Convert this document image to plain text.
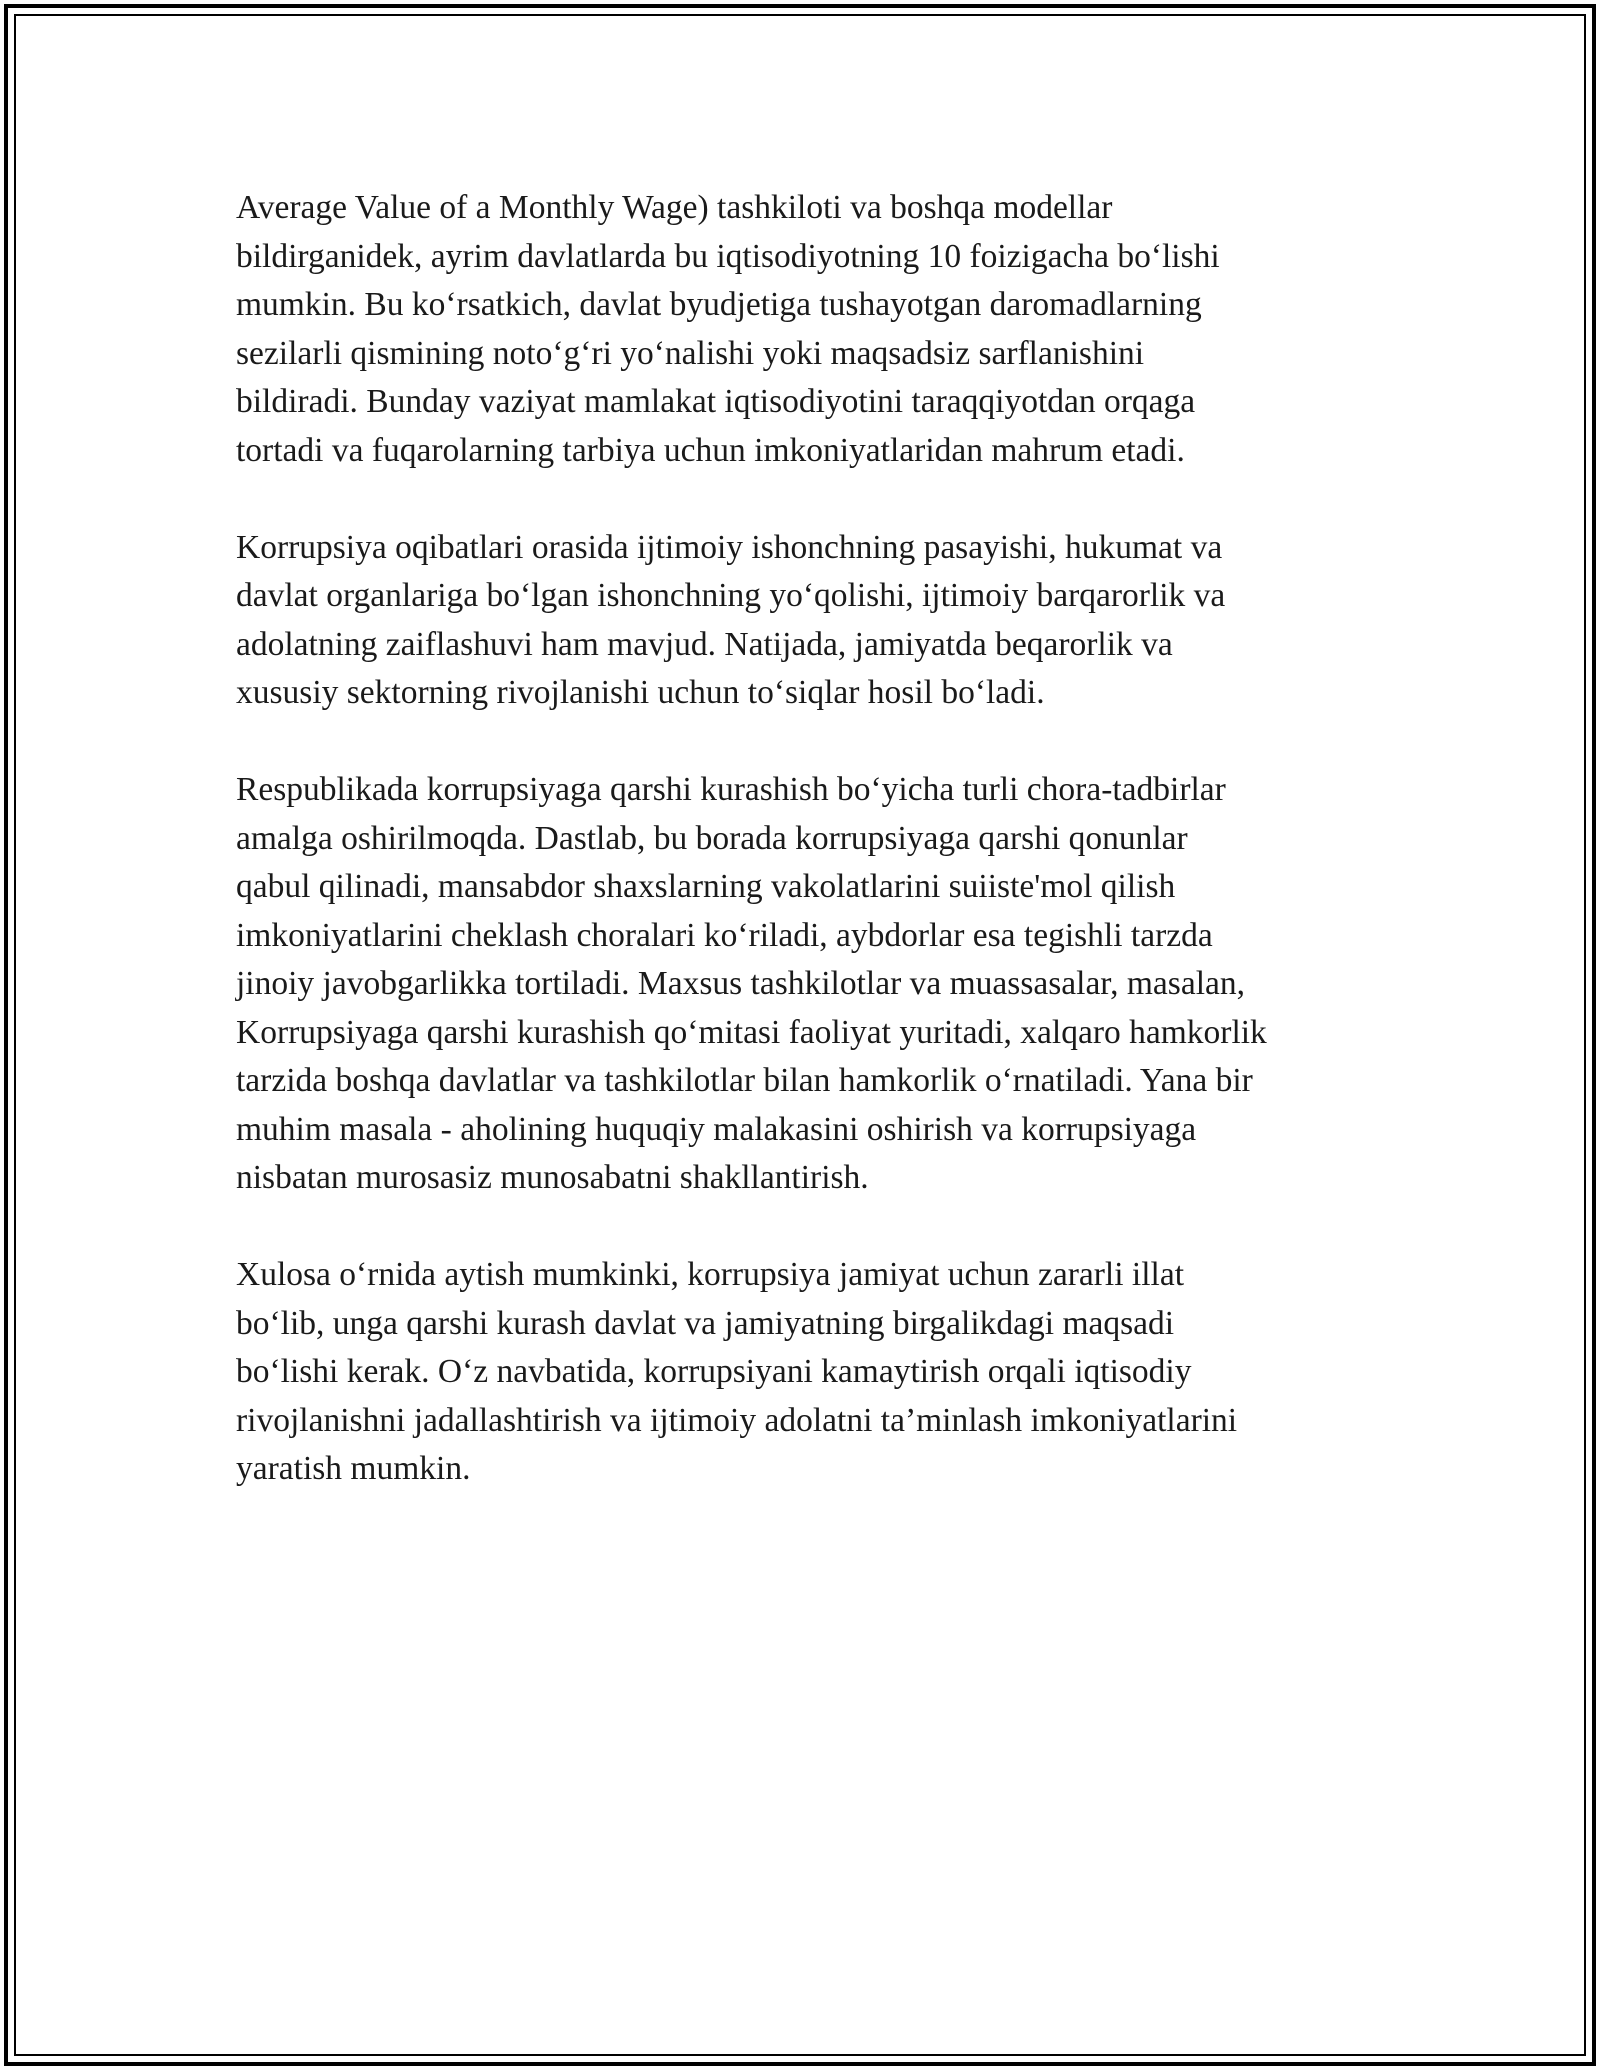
Average Value of a Monthly Wage) tashkiloti va boshqa modellar
bildirganidek, ayrim davlatlarda bu iqtisodiyotning 10 foizigacha boʻlishi
mumkin. Bu koʻrsatkich, davlat byudjetiga tushayotgan daromadlarning
sezilarli qismining notoʻgʻri yoʻnalishi yoki maqsadsiz sarflanishini
bildiradi. Bunday vaziyat mamlakat iqtisodiyotini taraqqiyotdan orqaga
tortadi va fuqarolarning tarbiya uchun imkoniyatlaridan mahrum etadi.

Korrupsiya oqibatlari orasida ijtimoiy ishonchning pasayishi, hukumat va
davlat organlariga boʻlgan ishonchning yoʻqolishi, ijtimoiy barqarorlik va
adolatning zaiflashuvi ham mavjud. Natijada, jamiyatda beqarorlik va
xususiy sektorning rivojlanishi uchun toʻsiqlar hosil boʻladi.

Respublikada korrupsiyaga qarshi kurashish boʻyicha turli chora-tadbirlar
amalga oshirilmoqda. Dastlab, bu borada korrupsiyaga qarshi qonunlar
qabul qilinadi, mansabdor shaxslarning vakolatlarini suiiste'mol qilish
imkoniyatlarini cheklash choralari koʻriladi, aybdorlar esa tegishli tarzda
jinoiy javobgarlikka tortiladi. Maxsus tashkilotlar va muassasalar, masalan,
Korrupsiyaga qarshi kurashish qoʻmitasi faoliyat yuritadi, xalqaro hamkorlik
tarzida boshqa davlatlar va tashkilotlar bilan hamkorlik oʻrnatiladi. Yana bir
muhim masala - aholining huquqiy malakasini oshirish va korrupsiyaga
nisbatan murosasiz munosabatni shakllantirish.

Xulosa oʻrnida aytish mumkinki, korrupsiya jamiyat uchun zararli illat
boʻlib, unga qarshi kurash davlat va jamiyatning birgalikdagi maqsadi
boʻlishi kerak. Oʻz navbatida, korrupsiyani kamaytirish orqali iqtisodiy
rivojlanishni jadallashtirish va ijtimoiy adolatni ta’minlash imkoniyatlarini
yaratish mumkin.
